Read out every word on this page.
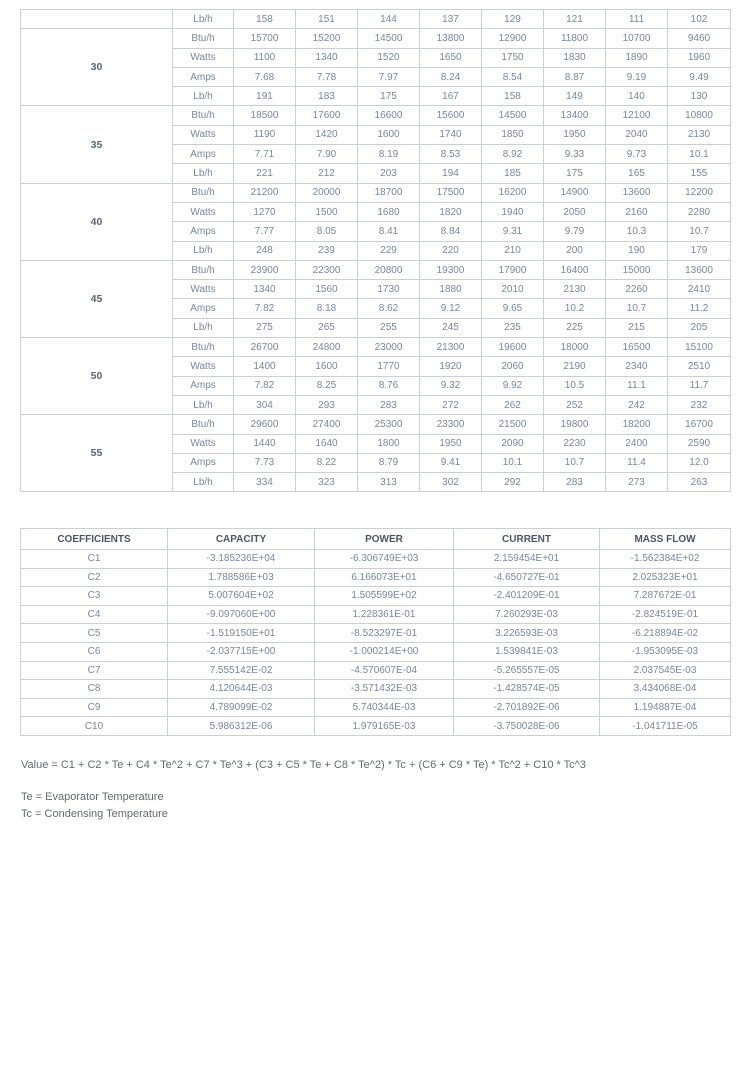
	Lb/h	158	151	144	137	129	121	111	102
30	Btu/h	15700	15200	14500	13800	12900	11800	10700	9460
	Watts	1100	1340	1520	1650	1750	1830	1890	1960
	Amps	7.68	7.78	7.97	8.24	8.54	8.87	9.19	9.49
	Lb/h	191	183	175	167	158	149	140	130
35	Btu/h	18500	17600	16600	15600	14500	13400	12100	10800
	Watts	1190	1420	1600	1740	1850	1950	2040	2130
	Amps	7.71	7.90	8.19	8.53	8.92	9.33	9.73	10.1
	Lb/h	221	212	203	194	185	175	165	155
40	Btu/h	21200	20000	18700	17500	16200	14900	13600	12200
	Watts	1270	1500	1680	1820	1940	2050	2160	2280
	Amps	7.77	8.05	8.41	8.84	9.31	9.79	10.3	10.7
	Lb/h	248	239	229	220	210	200	190	179
45	Btu/h	23900	22300	20800	19300	17900	16400	15000	13600
	Watts	1340	1560	1730	1880	2010	2130	2260	2410
	Amps	7.82	8.18	8.62	9.12	9.65	10.2	10.7	11.2
	Lb/h	275	265	255	245	235	225	215	205
50	Btu/h	26700	24800	23000	21300	19600	18000	16500	15100
	Watts	1400	1600	1770	1920	2060	2190	2340	2510
	Amps	7.82	8.25	8.76	9.32	9.92	10.5	11.1	11.7
	Lb/h	304	293	283	272	262	252	242	232
55	Btu/h	29600	27400	25300	23300	21500	19800	18200	16700
	Watts	1440	1640	1800	1950	2090	2230	2400	2590
	Amps	7.73	8.22	8.79	9.41	10.1	10.7	11.4	12.0
	Lb/h	334	323	313	302	292	283	273	263
COEFFICIENTS	CAPACITY	POWER	CURRENT	MASS FLOW
C1	-3.185236E+04	-6.306749E+03	2.159454E+01	-1.562384E+02
C2	1.788586E+03	6.166073E+01	-4.650727E-01	2.025323E+01
C3	5.007604E+02	1.505599E+02	-2.401209E-01	7.287672E-01
C4	-9.097060E+00	1.228361E-01	7.260293E-03	-2.824519E-01
C5	-1.519150E+01	-8.523297E-01	3.226593E-03	-6.218894E-02
C6	-2.037715E+00	-1.000214E+00	1.539841E-03	-1.953095E-03
C7	7.555142E-02	-4.570607E-04	-5.265557E-05	2.037545E-03
C8	4.120644E-03	-3.571432E-03	-1.428574E-05	3.434068E-04
C9	4.789099E-02	5.740344E-03	-2.701892E-06	1.194887E-04
C10	5.986312E-06	1.979165E-03	-3.750028E-06	-1.041711E-05
Value = C1 + C2 * Te + C4 * Te^2 + C7 * Te^3 + (C3 + C5 * Te + C8 * Te^2) * Tc + (C6 + C9 * Te) * Tc^2 + C10 * Tc^3
Te = Evaporator Temperature
Tc = Condensing Temperature
